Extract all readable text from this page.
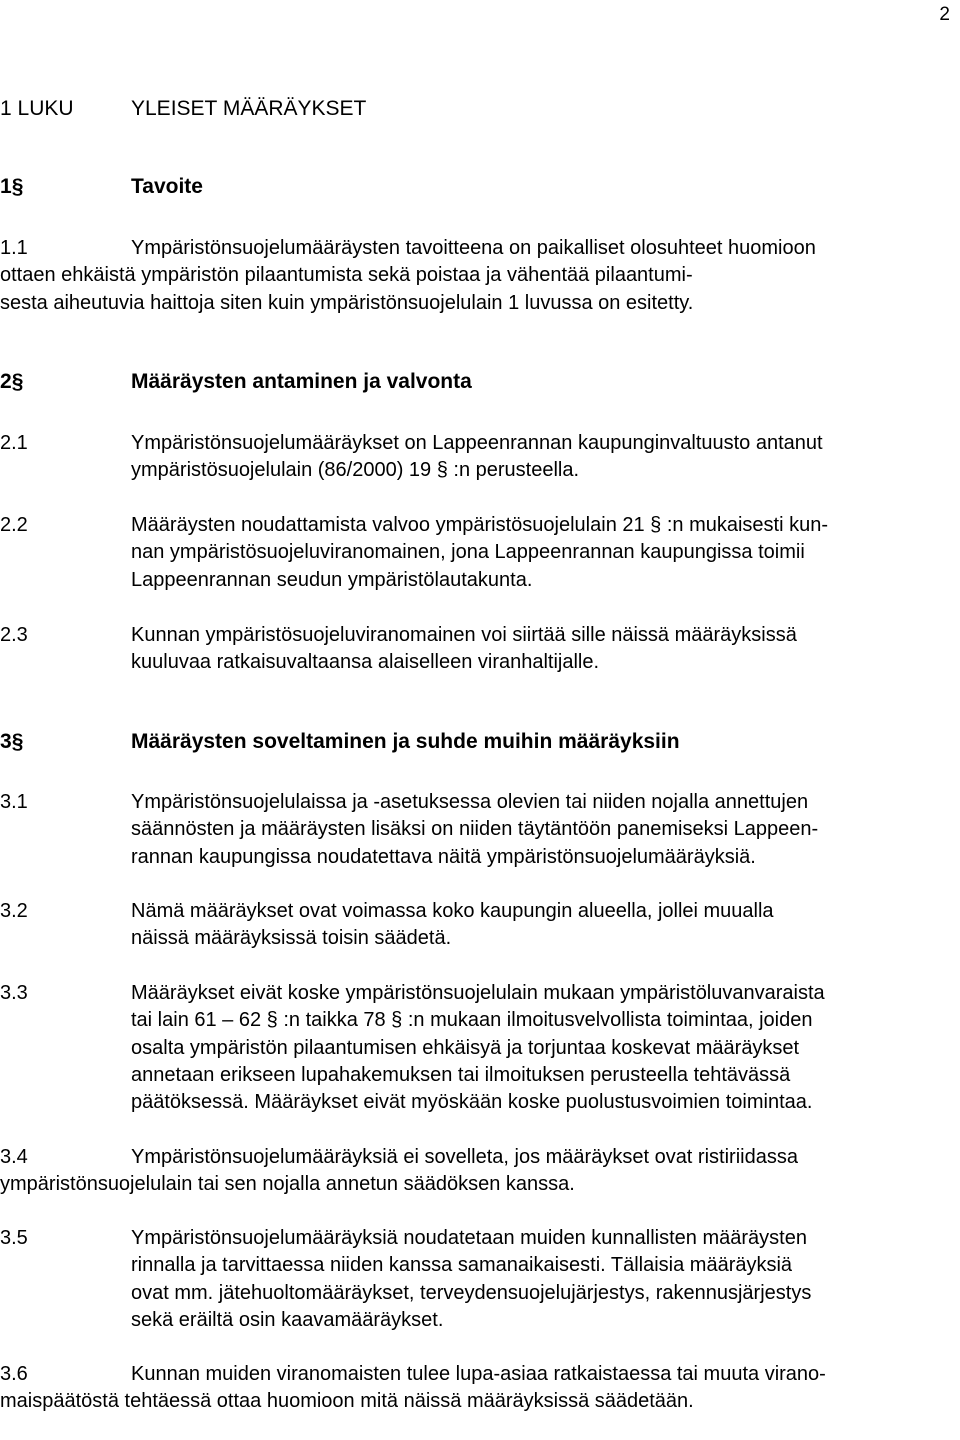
2
1 LUKU	YLEISET MÄÄRÄYKSET
1§	Tavoite
1.1	Ympäristönsuojelumääräysten tavoitteena on paikalliset olosuhteet huomioon
ottaen ehkäistä ympäristön pilaantumista sekä poistaa ja vähentää pilaantumi-
sesta aiheutuvia haittoja siten kuin ympäristönsuojelulain 1 luvussa on esitetty.
2§	Määräysten antaminen ja valvonta
2.1	Ympäristönsuojelumääräykset on Lappeenrannan kaupunginvaltuusto antanut
ympäristösuojelulain (86/2000) 19 § :n perusteella.
2.2	Määräysten noudattamista valvoo ympäristösuojelulain 21 § :n mukaisesti kun-
nan ympäristösuojeluviranomainen, jona Lappeenrannan kaupungissa toimii
Lappeenrannan seudun ympäristölautakunta.
2.3	Kunnan ympäristösuojeluviranomainen voi siirtää sille näissä määräyksissä
kuuluvaa ratkaisuvaltaansa alaiselleen viranhaltijalle.
3§	Määräysten soveltaminen ja suhde muihin määräyksiin
3.1	Ympäristönsuojelulaissa ja -asetuksessa olevien tai niiden nojalla annettujen
säännösten ja määräysten lisäksi on niiden täytäntöön panemiseksi Lappeen-
rannan kaupungissa noudatettava näitä ympäristönsuojelumääräyksiä.
3.2	Nämä määräykset ovat voimassa koko kaupungin alueella, jollei muualla
näissä määräyksissä toisin säädetä.
3.3	Määräykset eivät koske ympäristönsuojelulain mukaan ympäristöluvanvaraista
tai lain 61 – 62 § :n taikka 78 § :n mukaan ilmoitusvelvollista toimintaa, joiden
osalta ympäristön pilaantumisen ehkäisyä ja torjuntaa koskevat määräykset
annetaan erikseen lupahakemuksen tai ilmoituksen perusteella tehtävässä
päätöksessä. Määräykset eivät myöskään koske puolustusvoimien toimintaa.
3.4	Ympäristönsuojelumääräyksiä ei sovelleta, jos määräykset ovat ristiriidassa
ympäristönsuojelulain tai sen nojalla annetun säädöksen kanssa.
3.5	Ympäristönsuojelumääräyksiä noudatetaan muiden kunnallisten määräysten
rinnalla ja tarvittaessa niiden kanssa samanaikaisesti. Tällaisia määräyksiä
ovat mm. jätehuoltomääräykset, terveydensuojelujärjestys, rakennusjärjestys
sekä eräiltä osin kaavamääräykset.
3.6	Kunnan muiden viranomaisten tulee lupa-asiaa ratkaistaessa tai muuta virano-
maispäätöstä tehtäessä ottaa huomioon mitä näissä määräyksissä säädetään.
